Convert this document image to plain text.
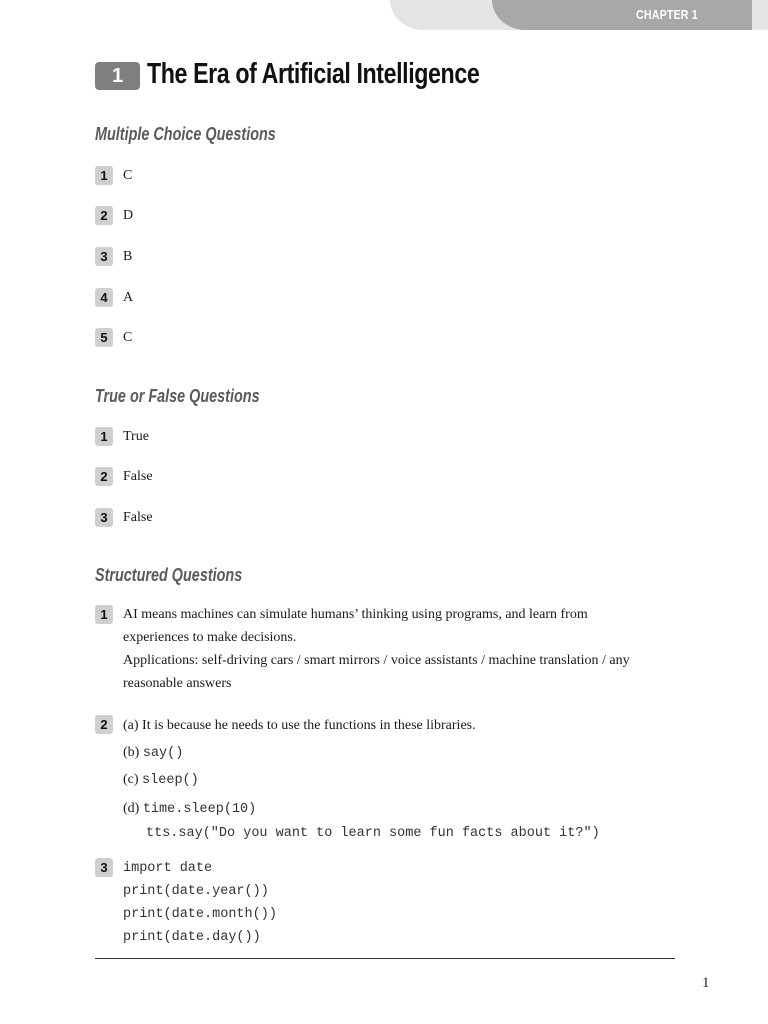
CHAPTER 1
1 The Era of Artificial Intelligence
Multiple Choice Questions
1	C
2	D
3	B
4	A
5	C
True or False Questions
1	True
2	False
3	False
Structured Questions
1	AI means machines can simulate humans’ thinking using programs, and learn from
experiences to make decisions.
Applications: self-driving cars / smart mirrors / voice assistants / machine translation / any
reasonable answers
2	(a) It is because he needs to use the functions in these libraries.
(b) say()
(c) sleep()
(d) time.sleep(10)
tts.say("Do you want to learn some fun facts about it?")
3	import date
print(date.year())
print(date.month())
print(date.day())
1
